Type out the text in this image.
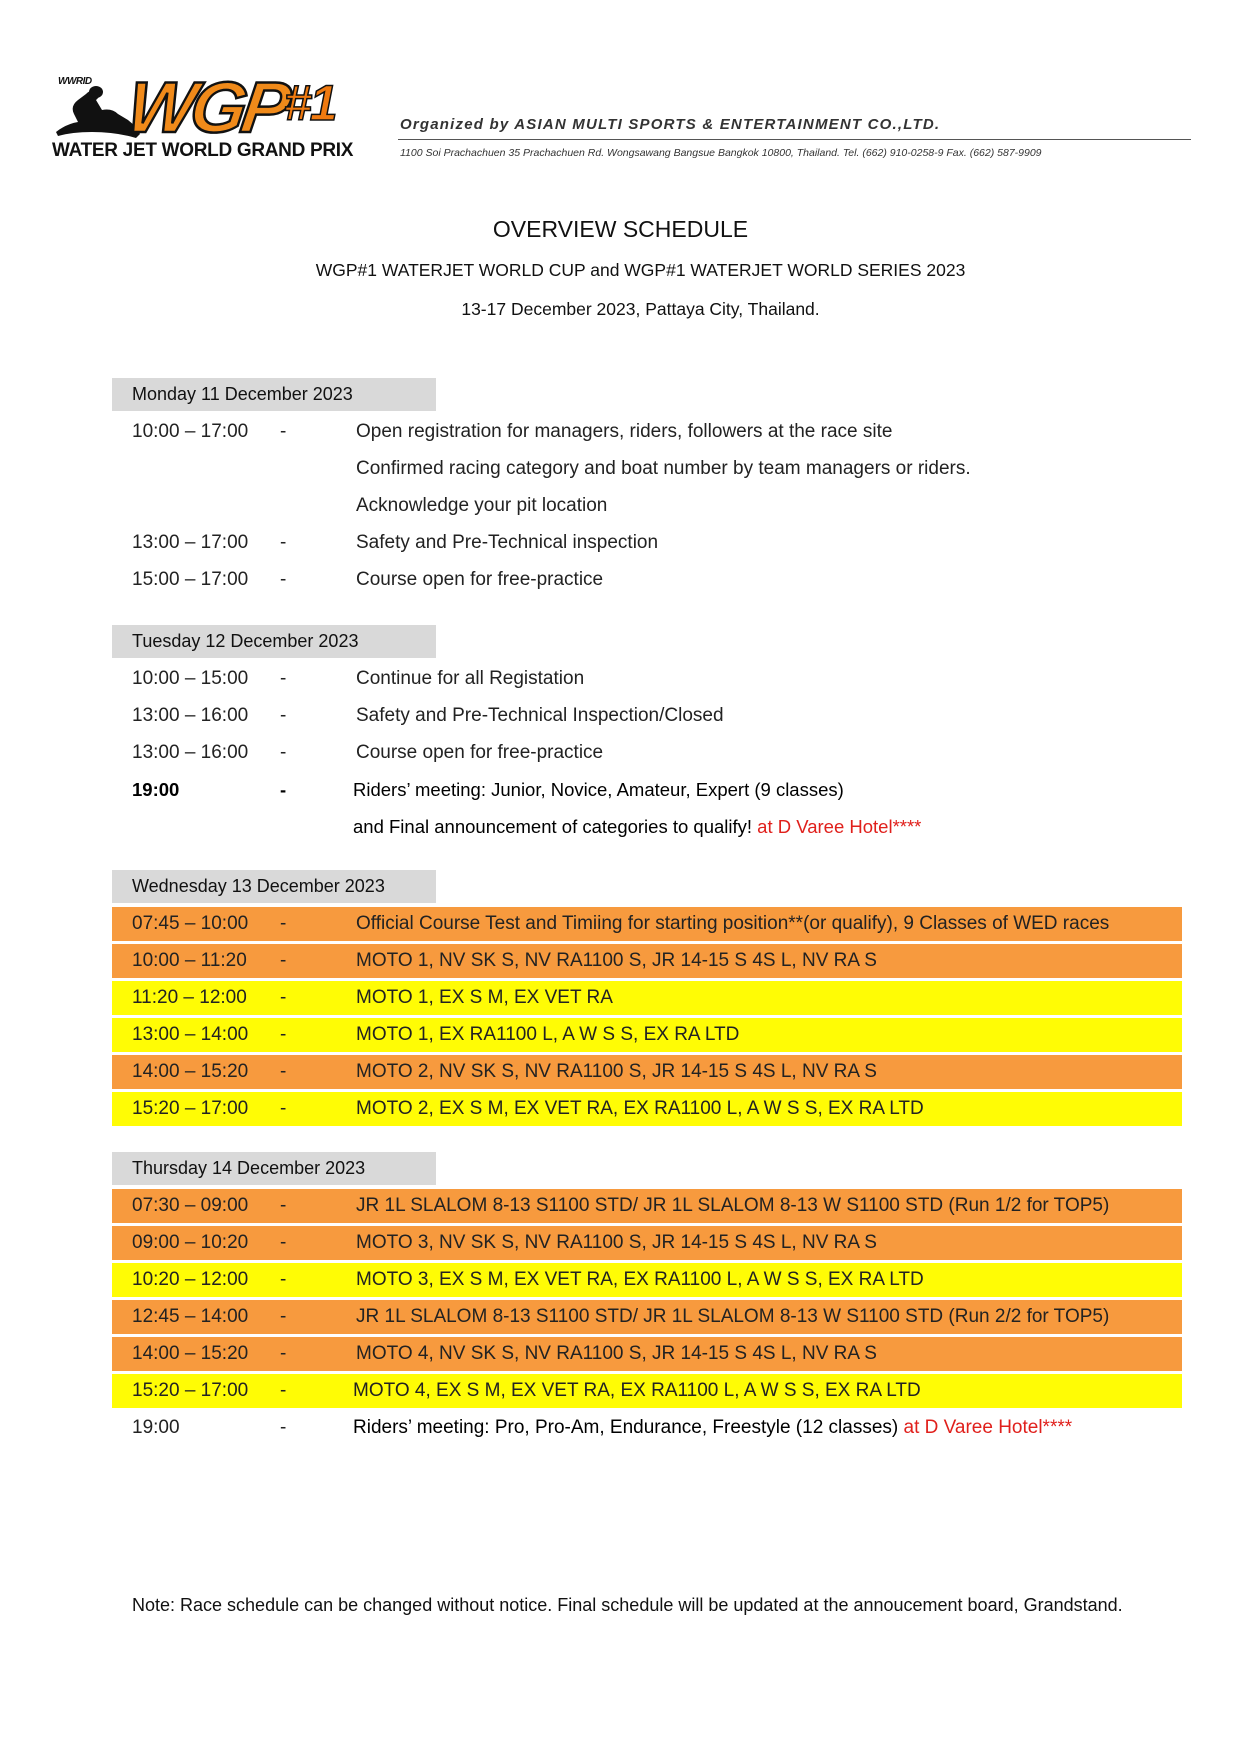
WWRID WGP
#1
WATER JET WORLD GRAND PRIX
Organized by ASIAN MULTI SPORTS & ENTERTAINMENT CO.,LTD.
1100 Soi Prachachuen 35 Prachachuen Rd. Wongsawang Bangsue Bangkok 10800, Thailand. Tel. (662) 910-0258-9 Fax. (662) 587-9909
OVERVIEW SCHEDULE
WGP#1 WATERJET WORLD CUP and WGP#1 WATERJET WORLD SERIES 2023
13-17 December 2023, Pattaya City, Thailand.
Monday 11 December 2023
10:00 – 17:00 -	Open registration for managers, riders, followers at the race site
Confirmed racing category and boat number by team managers or riders.
Acknowledge your pit location
13:00 – 17:00 -	Safety and Pre-Technical inspection
15:00 – 17:00 -	Course open for free-practice
Tuesday 12 December 2023
10:00 – 15:00 -	Continue for all Registation
13:00 – 16:00 -	Safety and Pre-Technical Inspection/Closed
13:00 – 16:00 -	Course open for free-practice
19:00	-	Riders’ meeting: Junior, Novice, Amateur, Expert (9 classes)
and Final announcement of categories to qualify! at D Varee Hotel****
Wednesday 13 December 2023
07:45 – 10:00 -	Official Course Test and Timiing for starting position**(or qualify), 9 Classes of WED races
10:00 – 11:20 -	MOTO 1, NV SK S, NV RA1100 S, JR 14-15 S 4S L, NV RA S
11:20 – 12:00 -	MOTO 1, EX S M, EX VET RA
13:00 – 14:00 -	MOTO 1, EX RA1100 L, A W S S, EX RA LTD
14:00 – 15:20 -	MOTO 2, NV SK S, NV RA1100 S, JR 14-15 S 4S L, NV RA S
15:20 – 17:00 -	MOTO 2, EX S M, EX VET RA, EX RA1100 L, A W S S, EX RA LTD
Thursday 14 December 2023
07:30 – 09:00 -	JR 1L SLALOM 8-13 S1100 STD/ JR 1L SLALOM 8-13 W S1100 STD (Run 1/2 for TOP5)
09:00 – 10:20 -	MOTO 3, NV SK S, NV RA1100 S, JR 14-15 S 4S L, NV RA S
10:20 – 12:00 -	MOTO 3, EX S M, EX VET RA, EX RA1100 L, A W S S, EX RA LTD
12:45 – 14:00 -	JR 1L SLALOM 8-13 S1100 STD/ JR 1L SLALOM 8-13 W S1100 STD (Run 2/2 for TOP5)
14:00 – 15:20 -	MOTO 4, NV SK S, NV RA1100 S, JR 14-15 S 4S L, NV RA S
15:20 – 17:00 -	MOTO 4, EX S M, EX VET RA, EX RA1100 L, A W S S, EX RA LTD
19:00	-	Riders’ meeting: Pro, Pro-Am, Endurance, Freestyle (12 classes) at D Varee Hotel****
Note: Race schedule can be changed without notice. Final schedule will be updated at the annoucement board, Grandstand.
